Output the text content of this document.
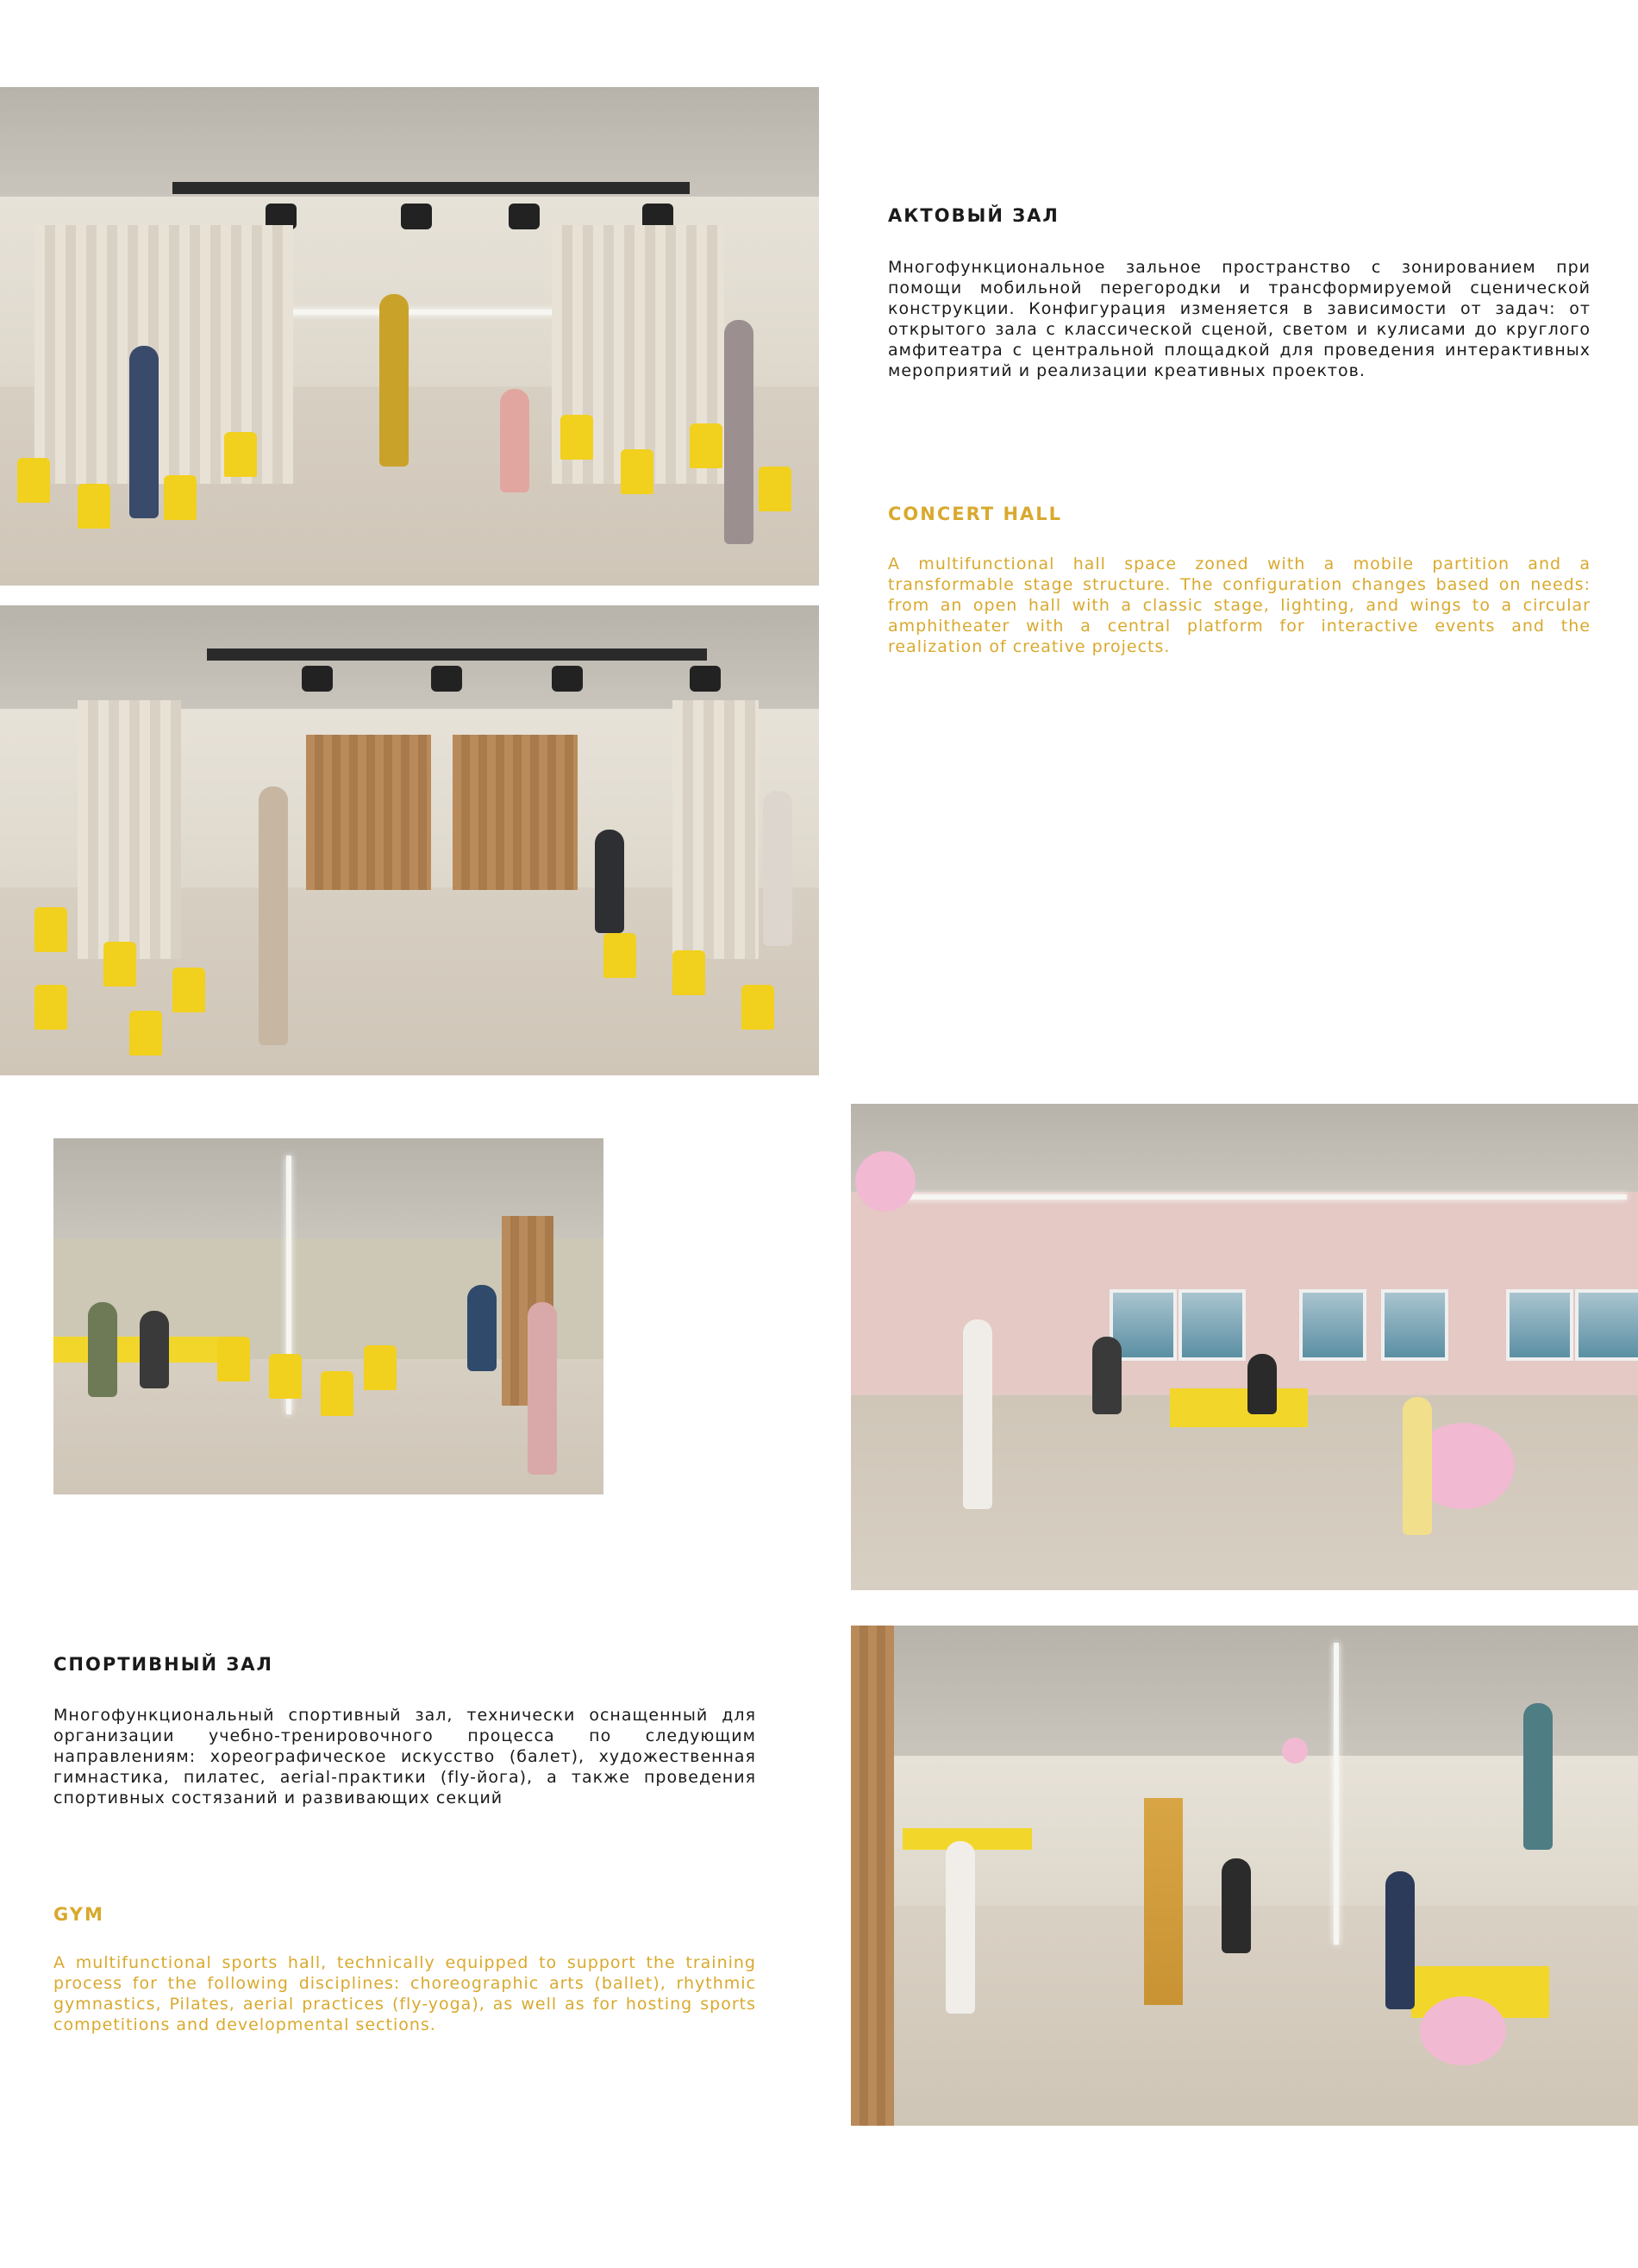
АКТОВЫЙ ЗАЛ

Многофункциональное зальное пространство с зонированием при помощи мобильной перегородки и трансформируемой сценической конструкции. Конфигурация изменяется в зависимости от задач: от открытого зала с классической сценой, светом и кулисами до круглого амфитеатра с центральной площадкой для проведения интерактивных мероприятий и реализации креативных проектов.

CONCERT HALL

A multifunctional hall space zoned with a mobile partition and a transformable stage structure. The configuration changes based on needs: from an open hall with a classic stage, lighting, and wings to a circular amphitheater with a central platform for interactive events and the realization of creative projects.

СПОРТИВНЫЙ ЗАЛ

Многофункциональный спортивный зал, технически оснащенный для организации учебно-тренировочного процесса по следующим направлениям: хореографическое искусство (балет), художественная гимнастика, пилатес, aerial-практики (fly-йога), а также проведения спортивных состязаний и развивающих секций

GYM

A multifunctional sports hall, technically equipped to support the training process for the following disciplines: choreographic arts (ballet), rhythmic gymnastics, Pilates, aerial practices (fly-yoga), as well as for hosting sports competitions and developmental sections.
